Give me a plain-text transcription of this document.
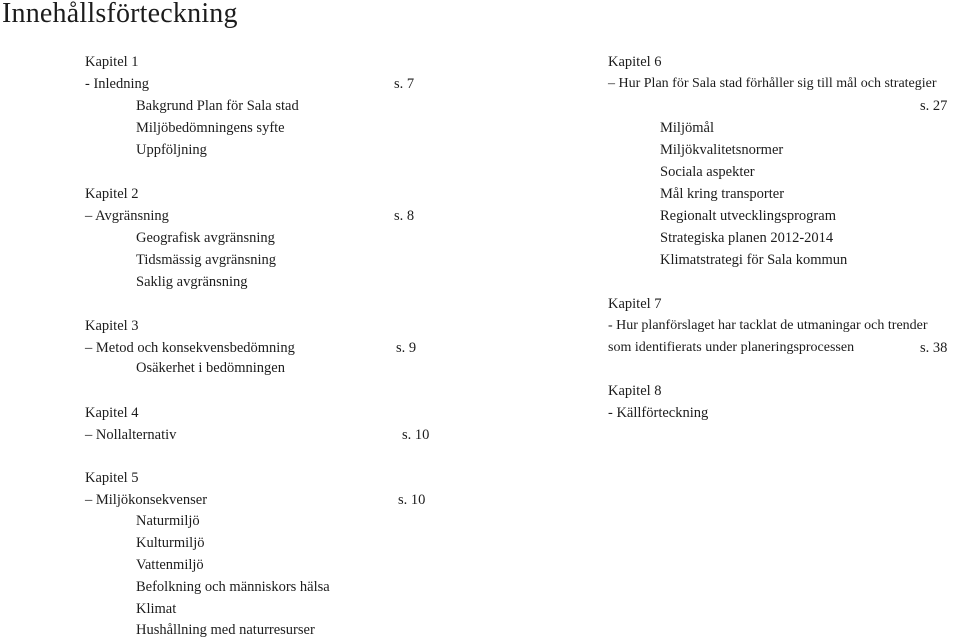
Innehållsförteckning
Kapitel 1
- Inledning	s. 7
Bakgrund Plan för Sala stad
Miljöbedömningens syfte
Uppföljning
Kapitel 2
– Avgränsning	s. 8
Geografisk avgränsning
Tidsmässig avgränsning
Saklig avgränsning
Kapitel 3
– Metod och konsekvensbedömning	s. 9
Osäkerhet i bedömningen
Kapitel 4
– Nollalternativ	s. 10
Kapitel 5
– Miljökonsekvenser	s. 10
Naturmiljö
Kulturmiljö
Vattenmiljö
Befolkning och människors hälsa
Klimat
Hushållning med naturresurser
Kapitel 6
– Hur Plan för Sala stad förhåller sig till mål och strategier
s. 27
Miljömål
Miljökvalitetsnormer
Sociala aspekter
Mål kring transporter
Regionalt utvecklingsprogram
Strategiska planen 2012-2014
Klimatstrategi för Sala kommun
Kapitel 7
- Hur planförslaget har tacklat de utmaningar och trender
som identifierats under planeringsprocessen	s. 38
Kapitel 8
- Källförteckning
